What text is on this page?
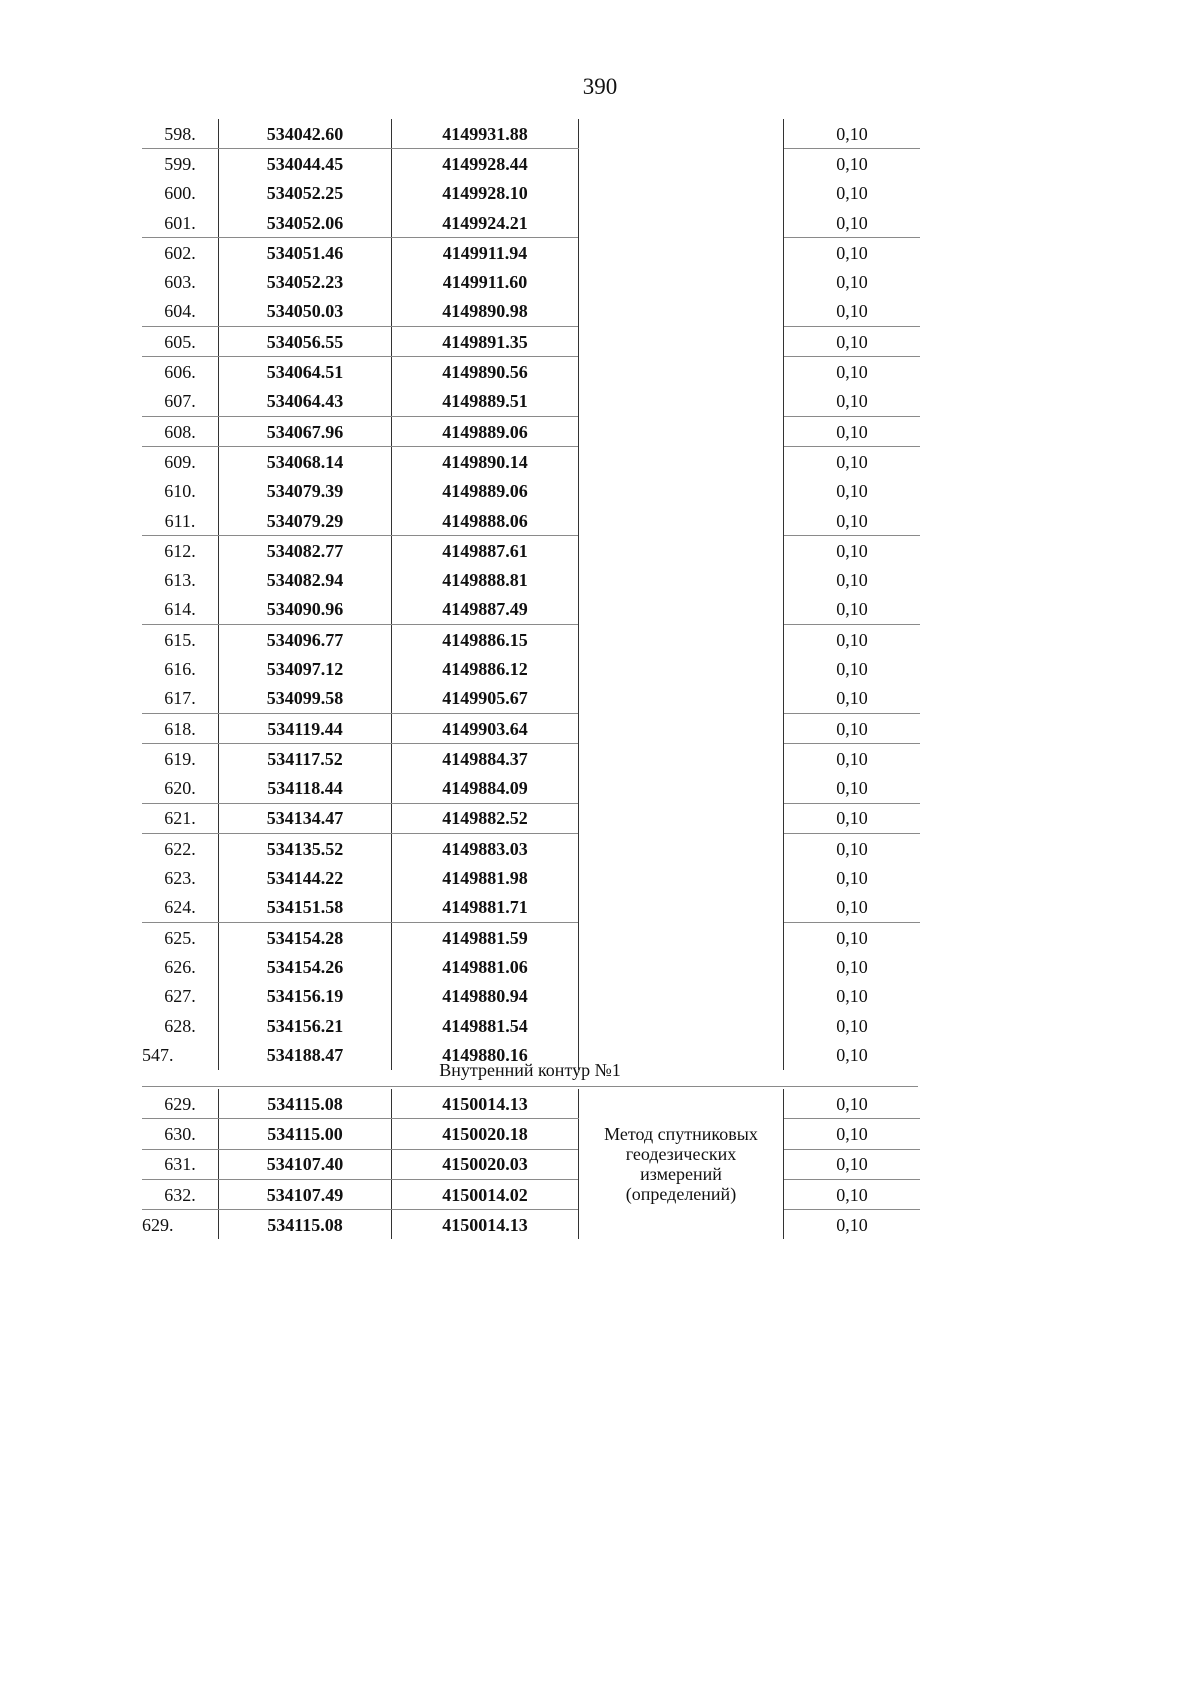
390
598.	534042.60	4149931.88		0,10
599.	534044.45	4149928.44		0,10
600.	534052.25	4149928.10		0,10
601.	534052.06	4149924.21		0,10
602.	534051.46	4149911.94		0,10
603.	534052.23	4149911.60		0,10
604.	534050.03	4149890.98		0,10
605.	534056.55	4149891.35		0,10
606.	534064.51	4149890.56		0,10
607.	534064.43	4149889.51		0,10
608.	534067.96	4149889.06		0,10
609.	534068.14	4149890.14		0,10
610.	534079.39	4149889.06		0,10
611.	534079.29	4149888.06		0,10
612.	534082.77	4149887.61		0,10
613.	534082.94	4149888.81		0,10
614.	534090.96	4149887.49		0,10
615.	534096.77	4149886.15		0,10
616.	534097.12	4149886.12		0,10
617.	534099.58	4149905.67		0,10
618.	534119.44	4149903.64		0,10
619.	534117.52	4149884.37		0,10
620.	534118.44	4149884.09		0,10
621.	534134.47	4149882.52		0,10
622.	534135.52	4149883.03		0,10
623.	534144.22	4149881.98		0,10
624.	534151.58	4149881.71		0,10
625.	534154.28	4149881.59		0,10
626.	534154.26	4149881.06		0,10
627.	534156.19	4149880.94		0,10
628.	534156.21	4149881.54		0,10
547.	534188.47	4149880.16		0,10
Внутренний контур №1
629.	534115.08	4150014.13	Метод спутниковых
геодезических
измерений
(определений)	0,10
630.	534115.00	4150020.18		0,10
631.	534107.40	4150020.03		0,10
632.	534107.49	4150014.02		0,10
629.	534115.08	4150014.13		0,10
